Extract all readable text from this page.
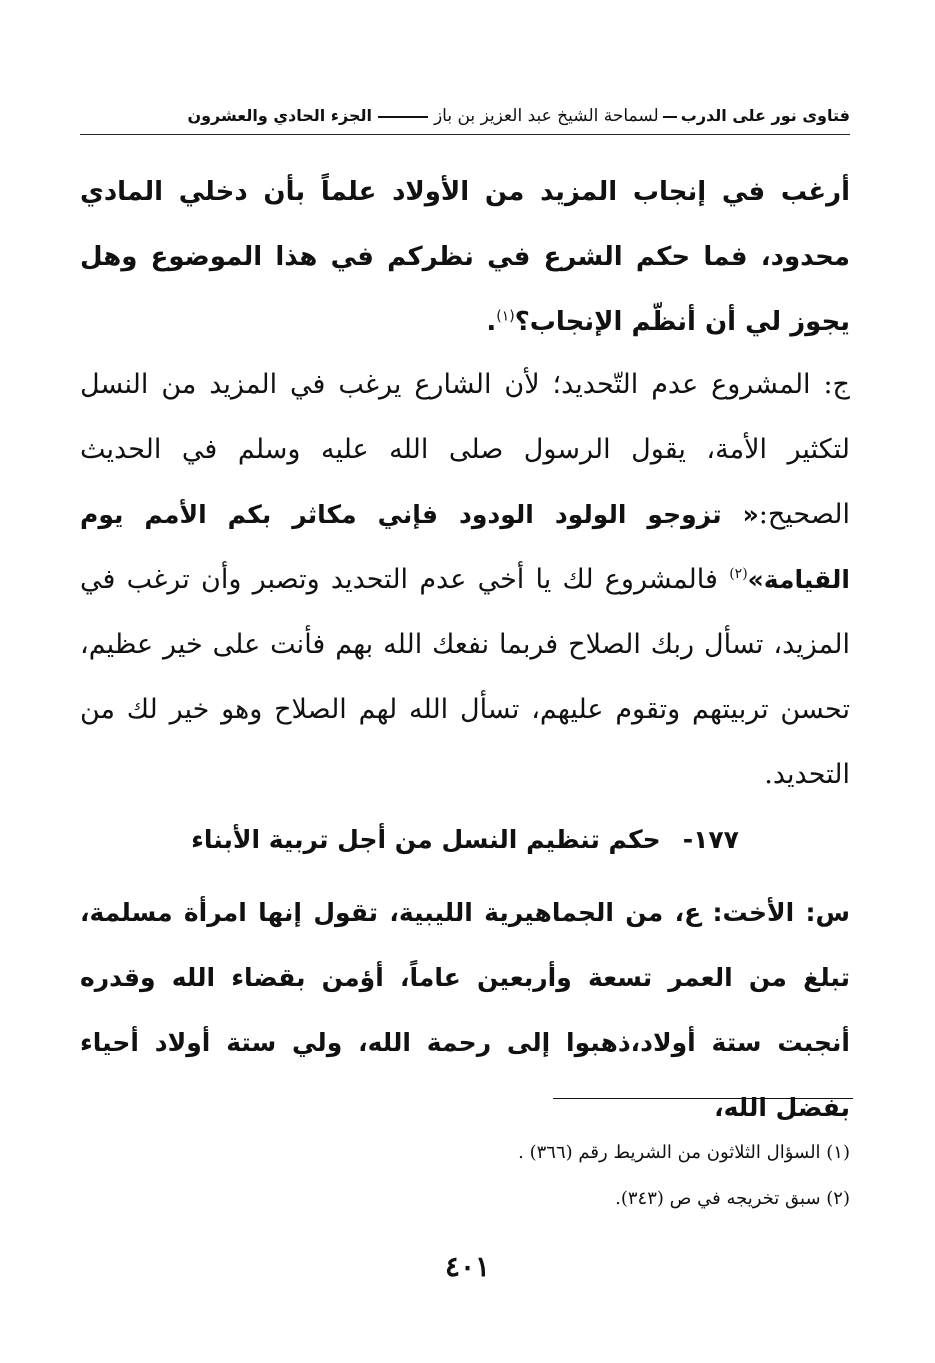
فتاوى نور على الدربلسماحة الشيخ عبد العزيز بن بازالجزء الحادي والعشرون

أرغب في إنجاب المزيد من الأولاد علماً بأن دخلي المادي محدود، فما حكم الشرع في نظركم في هذا الموضوع وهل يجوز لي أن أنظّم الإنجاب؟$^{(١)}$.

ج: المشروع عدم التّحديد؛ لأن الشارع يرغب في المزيد من النسل لتكثير الأمة، يقول الرسول صلى الله عليه وسلم في الحديث الصحيح:« تزوجو الولود الودود فإني مكاثر بكم الأمم يوم القيامة»$^{(٢)}$ فالمشروع لك يا أخي عدم التحديد وتصبر وأن ترغب في المزيد، تسأل ربك الصلاح فربما نفعك الله بهم فأنت على خير عظيم، تحسن تربيتهم وتقوم عليهم، تسأل الله لهم الصلاح وهو خير لك من التحديد.

١٧٧-حكم تنظيم النسل من أجل تربية الأبناء

س: الأخت: ع، من الجماهيرية الليبية، تقول إنها امرأة مسلمة، تبلغ من العمر تسعة وأربعين عاماً، أؤمن بقضاء الله وقدره أنجبت ستة أولاد،ذهبوا إلى رحمة الله، ولي ستة أولاد أحياء بفضل الله،

(١) السؤال الثلاثون من الشريط رقم (٣٦٦) .
(٢) سبق تخريجه في ص (٣٤٣).
٤٠١
